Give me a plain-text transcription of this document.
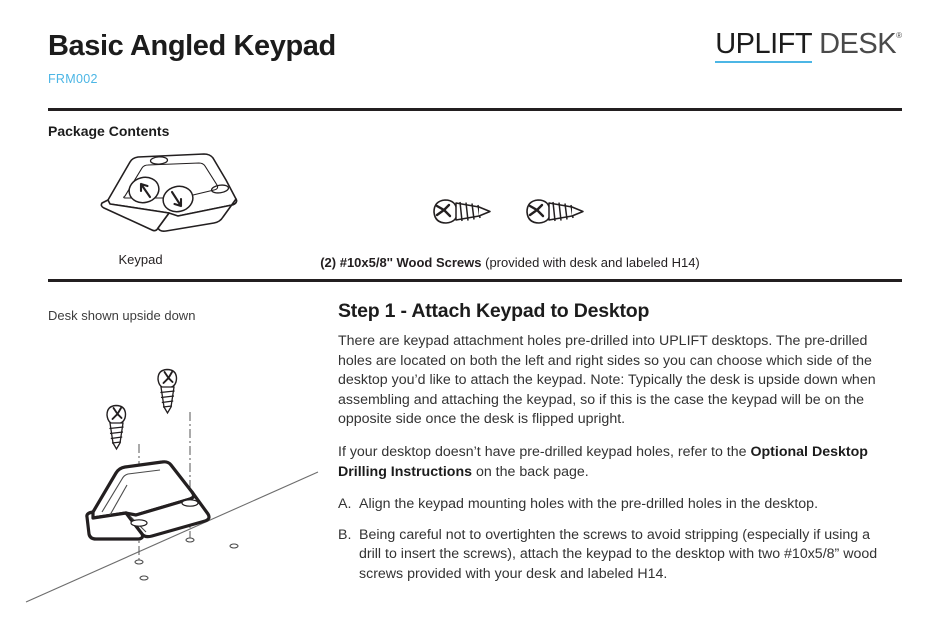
Basic Angled Keypad
FRM002
UPLIFT DESK ®
Package Contents
Keypad	(2) #10x5/8'' Wood Screws (provided with desk and labeled H14)
Desk shown upside down	Step 1 - Attach Keypad to Desktop

There are keypad attachment holes pre-drilled into UPLIFT desktops. The pre-drilled holes are located on both the left and right sides so you can choose which side of the desktop you’d like to attach the keypad. Note: Typically the desk is upside down when assembling and attaching the keypad, so if this is the case the keypad will be on the opposite side once the desk is flipped upright.

If your desktop doesn’t have pre-drilled keypad holes, refer to the Optional Desktop Drilling Instructions on the back page.

A. Align the keypad mounting holes with the pre-drilled holes in the desktop.
B. Being careful not to overtighten the screws to avoid stripping (especially if using a drill to insert the screws), attach the keypad to the desktop with two #10x5/8” wood screws provided with your desk and labeled H14.
